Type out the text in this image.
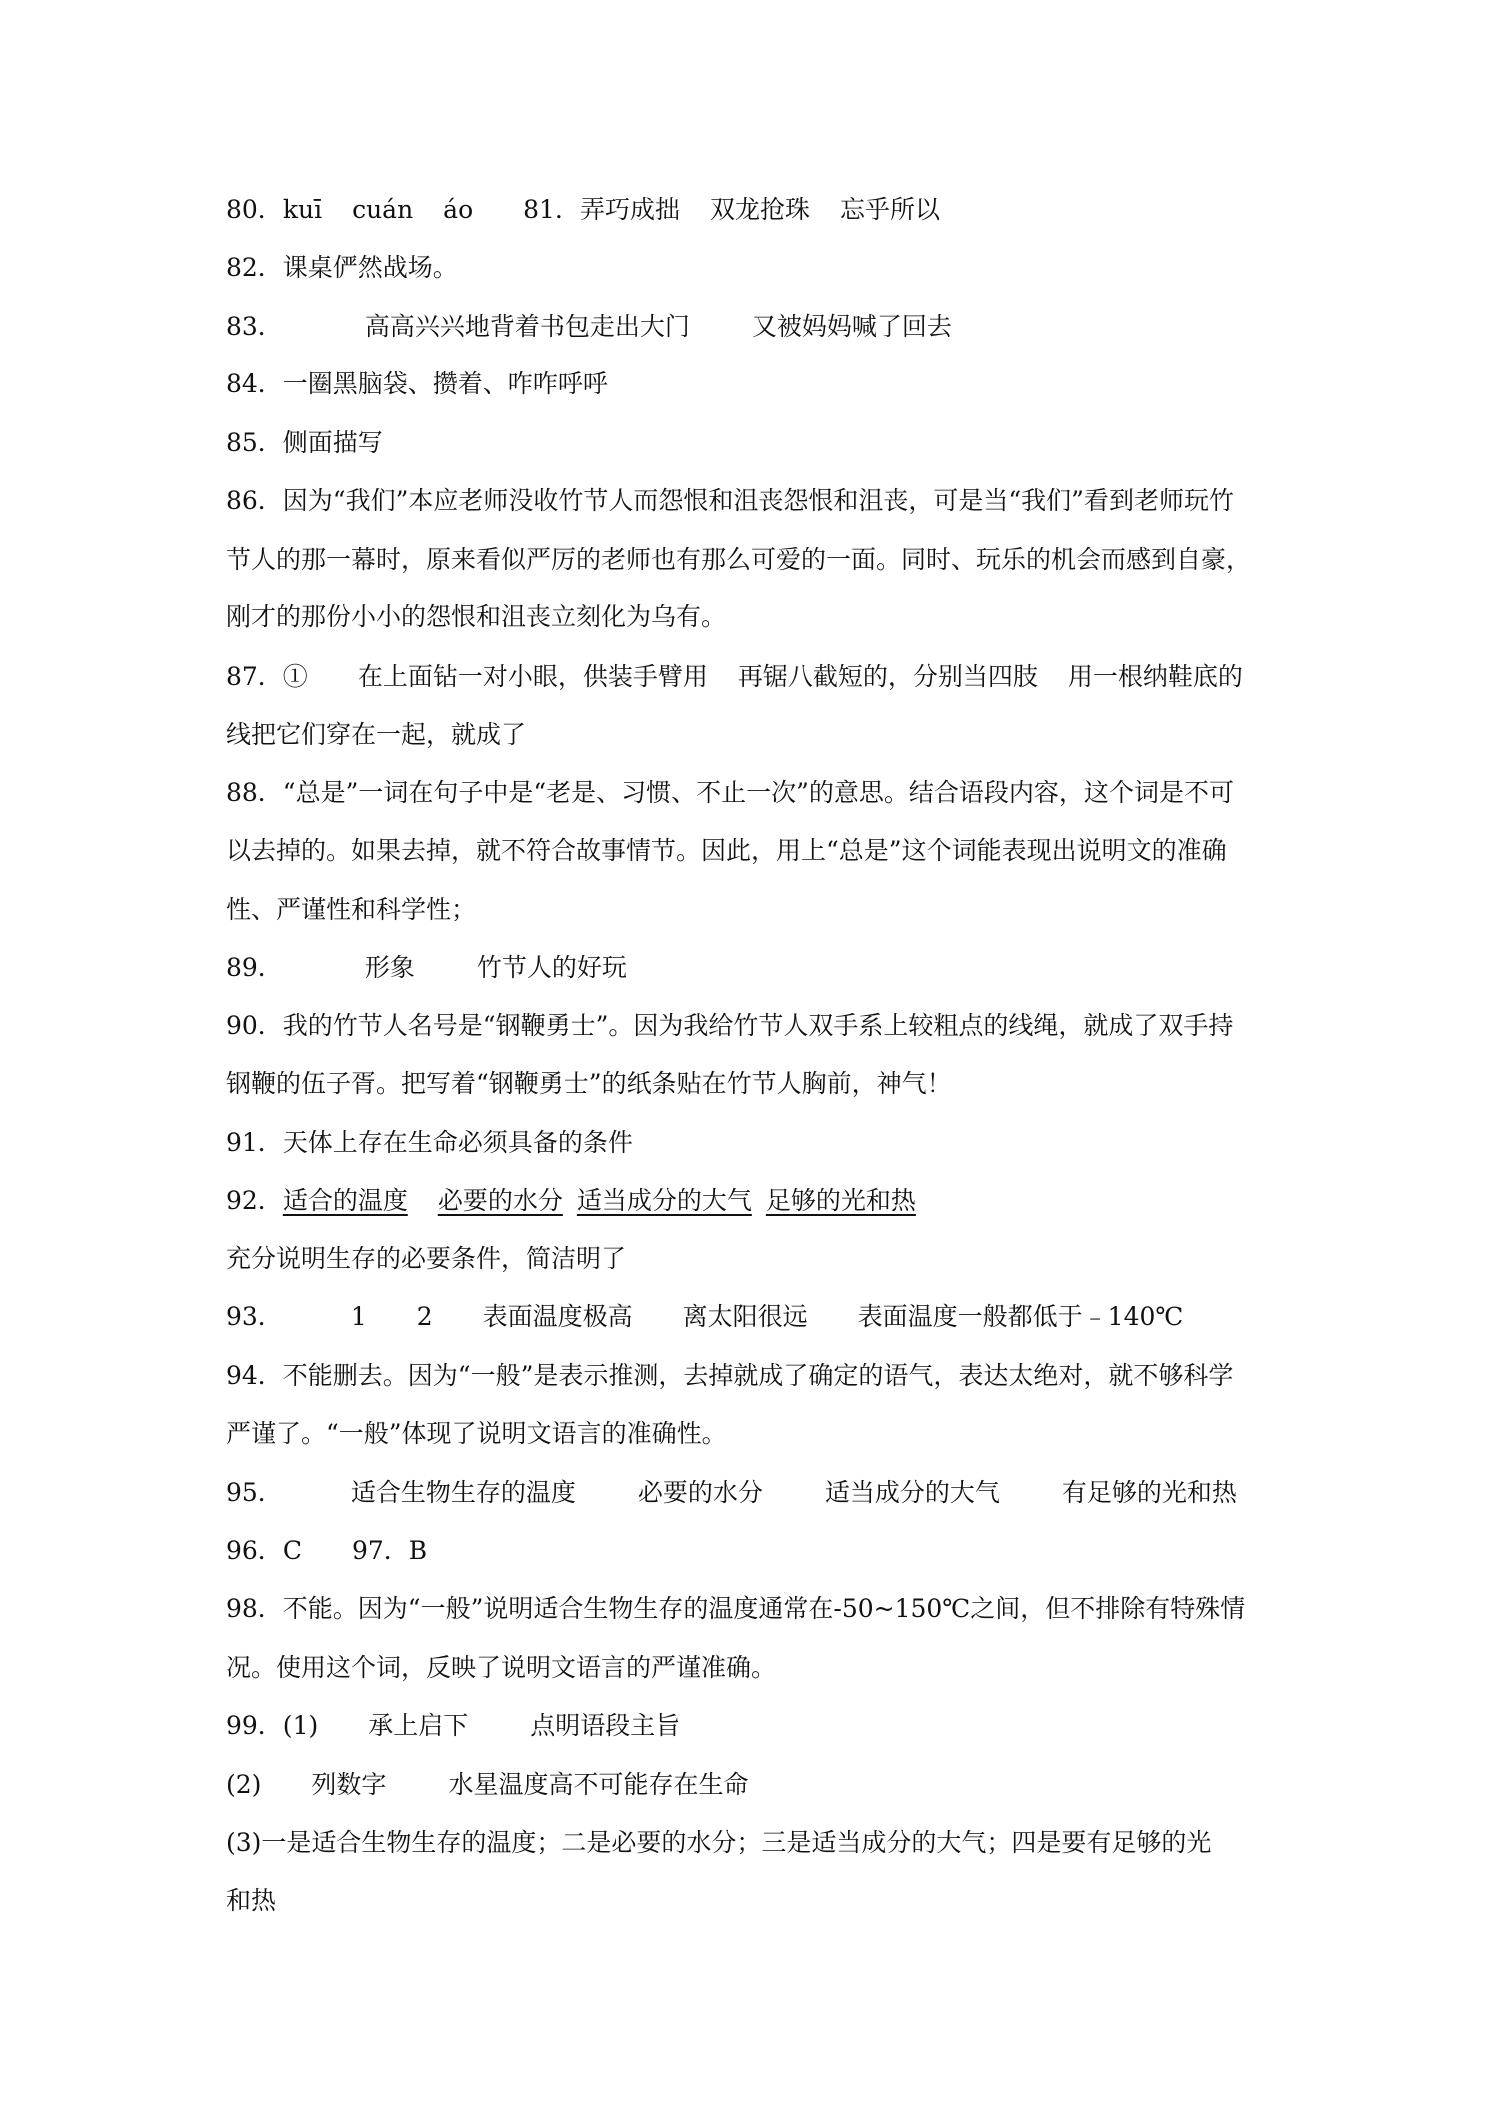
80．kuī cuán áo 81．弄巧成拙 双龙抢珠 忘乎所以
82．课桌俨然战场。
83．	高高兴兴地背着书包走出大门 又被妈妈喊了回去
84．一圈黑脑袋、攒着、咋咋呼呼
85．侧面描写
86．因为“我们”本应老师没收竹节人而怨恨和沮丧怨恨和沮丧，可是当“我们”看到老师玩竹
节人的那一幕时，原来看似严厉的老师也有那么可爱的一面。同时、玩乐的机会而感到自豪，
刚才的那份小小的怨恨和沮丧立刻化为乌有。
87．① 在上面钻一对小眼，供装手臂用 再锯八截短的，分别当四肢 用一根纳鞋底的
线把它们穿在一起，就成了
88．“总是”一词在句子中是“老是、习惯、不止一次”的意思。结合语段内容，这个词是不可
以去掉的。如果去掉，就不符合故事情节。因此，用上“总是”这个词能表现出说明文的准确
性、严谨性和科学性；
89．	形象 竹节人的好玩
90．我的竹节人名号是“钢鞭勇士”。因为我给竹节人双手系上较粗点的线绳，就成了双手持
钢鞭的伍子胥。把写着“钢鞭勇士”的纸条贴在竹节人胸前，神气！
91．天体上存在生命必须具备的条件
92．适合的温度 必要的水分 适当成分的大气 足够的光和热
充分说明生存的必要条件，简洁明了
93．	1 2 表面温度极高 离太阳很远 表面温度一般都低于﹣140℃
94．不能删去。因为“一般”是表示推测，去掉就成了确定的语气，表达太绝对，就不够科学
严谨了。“一般”体现了说明文语言的准确性。
95．	适合生物生存的温度 必要的水分 适当成分的大气 有足够的光和热
96．C 97．B
98．不能。因为“一般”说明适合生物生存的温度通常在-50~150℃之间，但不排除有特殊情
况。使用这个词，反映了说明文语言的严谨准确。
99．(1) 承上启下 点明语段主旨
(2) 列数字 水星温度高不可能存在生命
(3)一是适合生物生存的温度；二是必要的水分；三是适当成分的大气；四是要有足够的光
和热
